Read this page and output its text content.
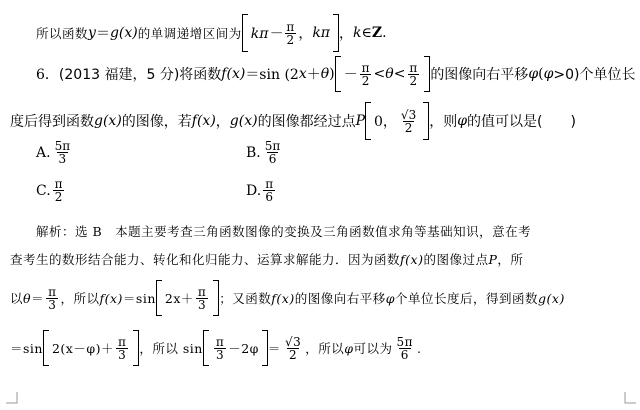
所以函数 y ＝ g(x) 的单调递增区间为 $k\pi- \frac{\pi}{2}$ ， kπ ， k∈ Z .
6． (2013 福建，5 分) 将函数 f(x) ＝sin (2 x ＋ θ ) － $\frac{\pi}{2} < \theta < \frac{\pi}{2}$ 的图像向右平移 φ ( φ >0)个单位长
度后得到函数 g(x) 的图像，若 f(x) ， g(x) 的图像都经过点 P 0， $\frac{√3}{2}$ ，则 φ 的值可以是(　　)
A. $\frac{5\pi}{3}$	B. $\frac{5\pi}{6}$
C. $\frac{\pi}{2}$	D. $\frac{\pi}{6}$
解析：选 B　本题主要考查三角函数图像的变换及三角函数值求角等基础知识，意在考
查考生的数形结合能力、转化和化归能力、运算求解能力．因为函数 f(x) 的图像过点 P ，所
以 $\theta = \frac{\pi}{3}$ ，所以 f(x) ＝sin $2x+ \frac{\pi}{3}$ ；又函数 f(x) 的图像向右平移 φ 个单位长度后，得到函数 g(x)
＝sin $2(x-\varphi)+ \frac{\pi}{3}$ ，所以 $\sin \frac{\pi}{3} -2\varphi = \frac{√3}{2}$ ，所以 φ 可以为 $\frac{5\pi}{6}$ .
